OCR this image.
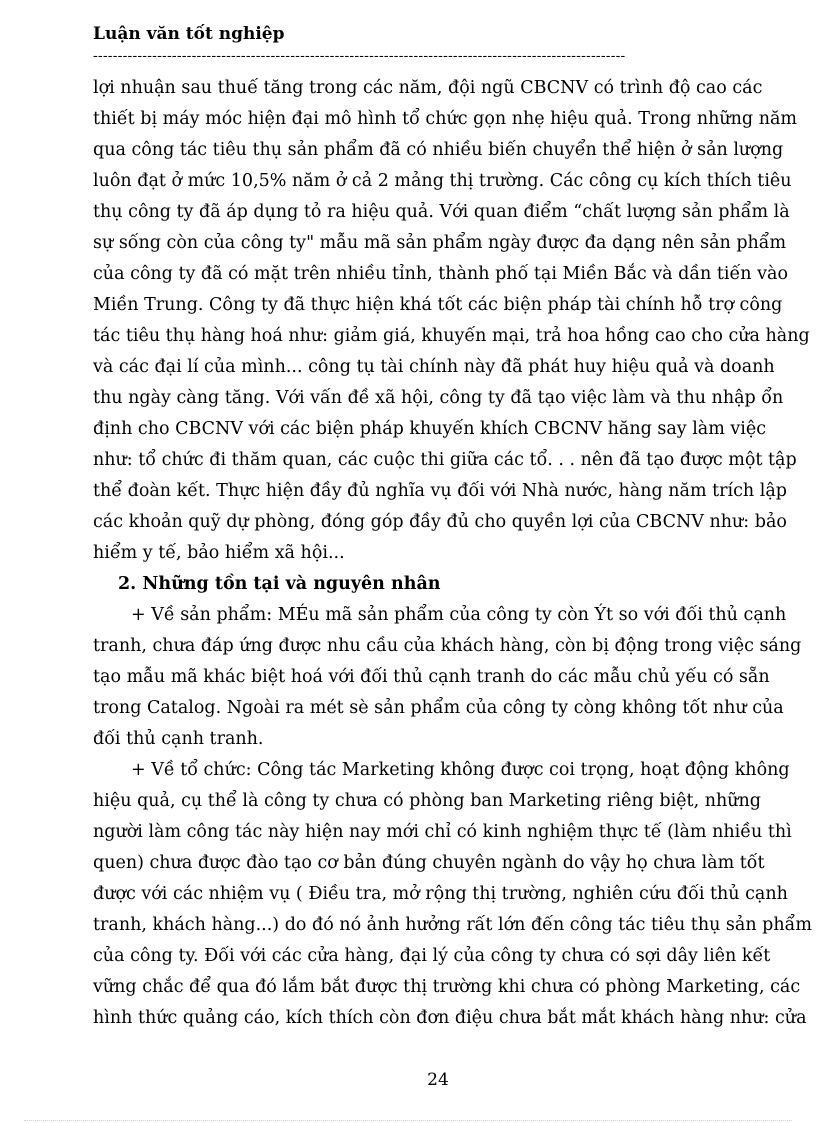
Luận văn tốt nghiệp
------------------------------------------------------------------------------------------------------------
lợi nhuận sau thuế tăng trong các năm, đội ngũ CBCNV có trình độ cao các
thiết bị máy móc hiện đại mô hình tổ chức gọn nhẹ hiệu quả. Trong những năm
qua công tác tiêu thụ sản phẩm đã có nhiều biến chuyển thể hiện ở sản lượng
luôn đạt ở mức 10,5% năm ở cả 2 mảng thị trường. Các công cụ kích thích tiêu
thụ công ty đã áp dụng tỏ ra hiệu quả. Với quan điểm “chất lượng sản phẩm là
sự sống còn của công ty" mẫu mã sản phẩm ngày được đa dạng nên sản phẩm
của công ty đã có mặt trên nhiều tỉnh, thành phố tại Miền Bắc và dần tiến vào
Miền Trung. Công ty đã thực hiện khá tốt các biện pháp tài chính hỗ trợ công
tác tiêu thụ hàng hoá như: giảm giá, khuyến mại, trả hoa hồng cao cho cửa hàng
và các đại lí của mình... công tụ tài chính này đã phát huy hiệu quả và doanh
thu ngày càng tăng. Với vấn đề xã hội, công ty đã tạo việc làm và thu nhập ổn
định cho CBCNV với các biện pháp khuyến khích CBCNV hăng say làm việc
như: tổ chức đi thăm quan, các cuộc thi giữa các tổ. . . nên đã tạo được một tập
thể đoàn kết. Thực hiện đầy đủ nghĩa vụ đối với Nhà nước, hàng năm trích lập
các khoản quỹ dự phòng, đóng góp đầy đủ cho quyền lợi của CBCNV như: bảo
hiểm y tế, bảo hiểm xã hội...
2. Những tồn tại và nguyên nhân
+ Về sản phẩm: MÉu mã sản phẩm của công ty còn Ýt so với đối thủ cạnh
tranh, chưa đáp ứng được nhu cầu của khách hàng, còn bị động trong việc sáng
tạo mẫu mã khác biệt hoá với đối thủ cạnh tranh do các mẫu chủ yếu có sẵn
trong Catalog. Ngoài ra mét sè sản phẩm của công ty còng không tốt như của
đối thủ cạnh tranh.
+ Về tổ chức: Công tác Marketing không được coi trọng, hoạt động không
hiệu quả, cụ thể là công ty chưa có phòng ban Marketing riêng biệt, những
người làm công tác này hiện nay mới chỉ có kinh nghiệm thực tế (làm nhiều thì
quen) chưa được đào tạo cơ bản đúng chuyên ngành do vậy họ chưa làm tốt
được với các nhiệm vụ ( Điều tra, mở rộng thị trường, nghiên cứu đối thủ cạnh
tranh, khách hàng...) do đó nó ảnh hưởng rất lớn đến công tác tiêu thụ sản phẩm
của công ty. Đối với các cửa hàng, đại lý của công ty chưa có sợi dây liên kết
vững chắc để qua đó lắm bắt được thị trường khi chưa có phòng Marketing, các
hình thức quảng cáo, kích thích còn đơn điệu chưa bắt mắt khách hàng như: cửa
24
